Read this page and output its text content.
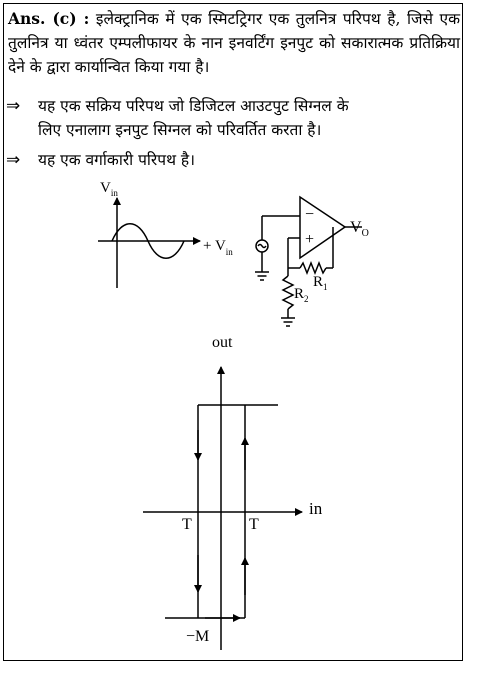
Ans. (c) : इलेक्ट्रानिक में एक स्मिटट्रिगर एक तुलनित्र परिपथ है, जिसे एक तुलनित्र या ध्वंतर एम्पलीफायर के नान इनवर्टिंग इनपुट को सकारात्मक प्रतिक्रिया देने के द्वारा कार्यान्वित किया गया है।
⇒	यह एक सक्रिय परिपथ जो डिजिटल आउटपुट सिग्नल के
लिए एनालाग इनपुट सिग्नल को परिवर्तित करता है।
⇒	यह एक वर्गाकारी परिपथ है।
$V_{in}$
+ $V_{in}$
−
+
$V_O$
$R_1$
$R_2$
out
in
T	T
−M
